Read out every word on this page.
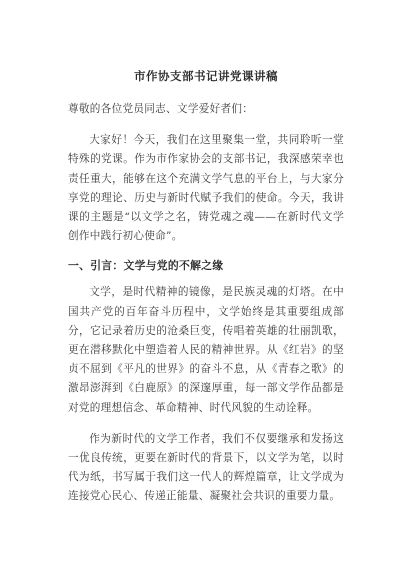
市作协支部书记讲党课讲稿

尊敬的各位党员同志、文学爱好者们：

大家好！今天，我们在这里聚集一堂，共同聆听一堂特殊的党课。作为市作家协会的支部书记，我深感荣幸也责任重大，能够在这个充满文学气息的平台上，与大家分享党的理论、历史与新时代赋予我们的使命。今天，我讲课的主题是“以文学之名，铸党魂之魂——在新时代文学创作中践行初心使命”。

一、引言：文学与党的不解之缘

文学，是时代精神的镜像，是民族灵魂的灯塔。在中国共产党的百年奋斗历程中，文学始终是其重要组成部分，它记录着历史的沧桑巨变，传唱着英雄的壮丽凯歌，更在潜移默化中塑造着人民的精神世界。从《红岩》的坚贞不屈到《平凡的世界》的奋斗不息，从《青春之歌》的激昂澎湃到《白鹿原》的深邃厚重，每一部文学作品都是对党的理想信念、革命精神、时代风貌的生动诠释。

作为新时代的文学工作者，我们不仅要继承和发扬这一优良传统，更要在新时代的背景下，以文学为笔，以时代为纸，书写属于我们这一代人的辉煌篇章，让文学成为连接党心民心、传递正能量、凝聚社会共识的重要力量。
